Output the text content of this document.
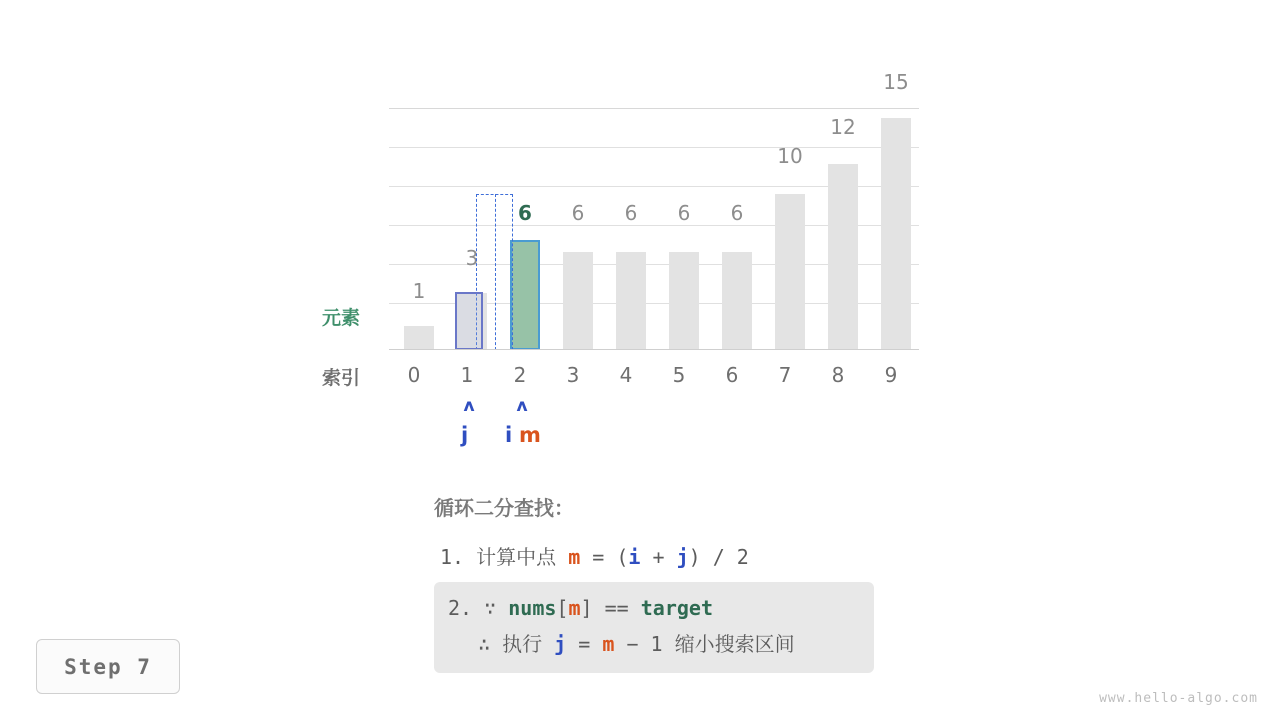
1
3
6	6	6	6	6
10
12
15
元素
索引	0	1	2	3	4	5	6	7	8	9
ʌ	ʌ
j i m
循环二分查找：
1. 计算中点 m = (i + j) / 2
2. ∵ nums[m] == target
∴ 执行 j = m − 1 缩小搜索区间
Step 7
www.hello-algo.com
